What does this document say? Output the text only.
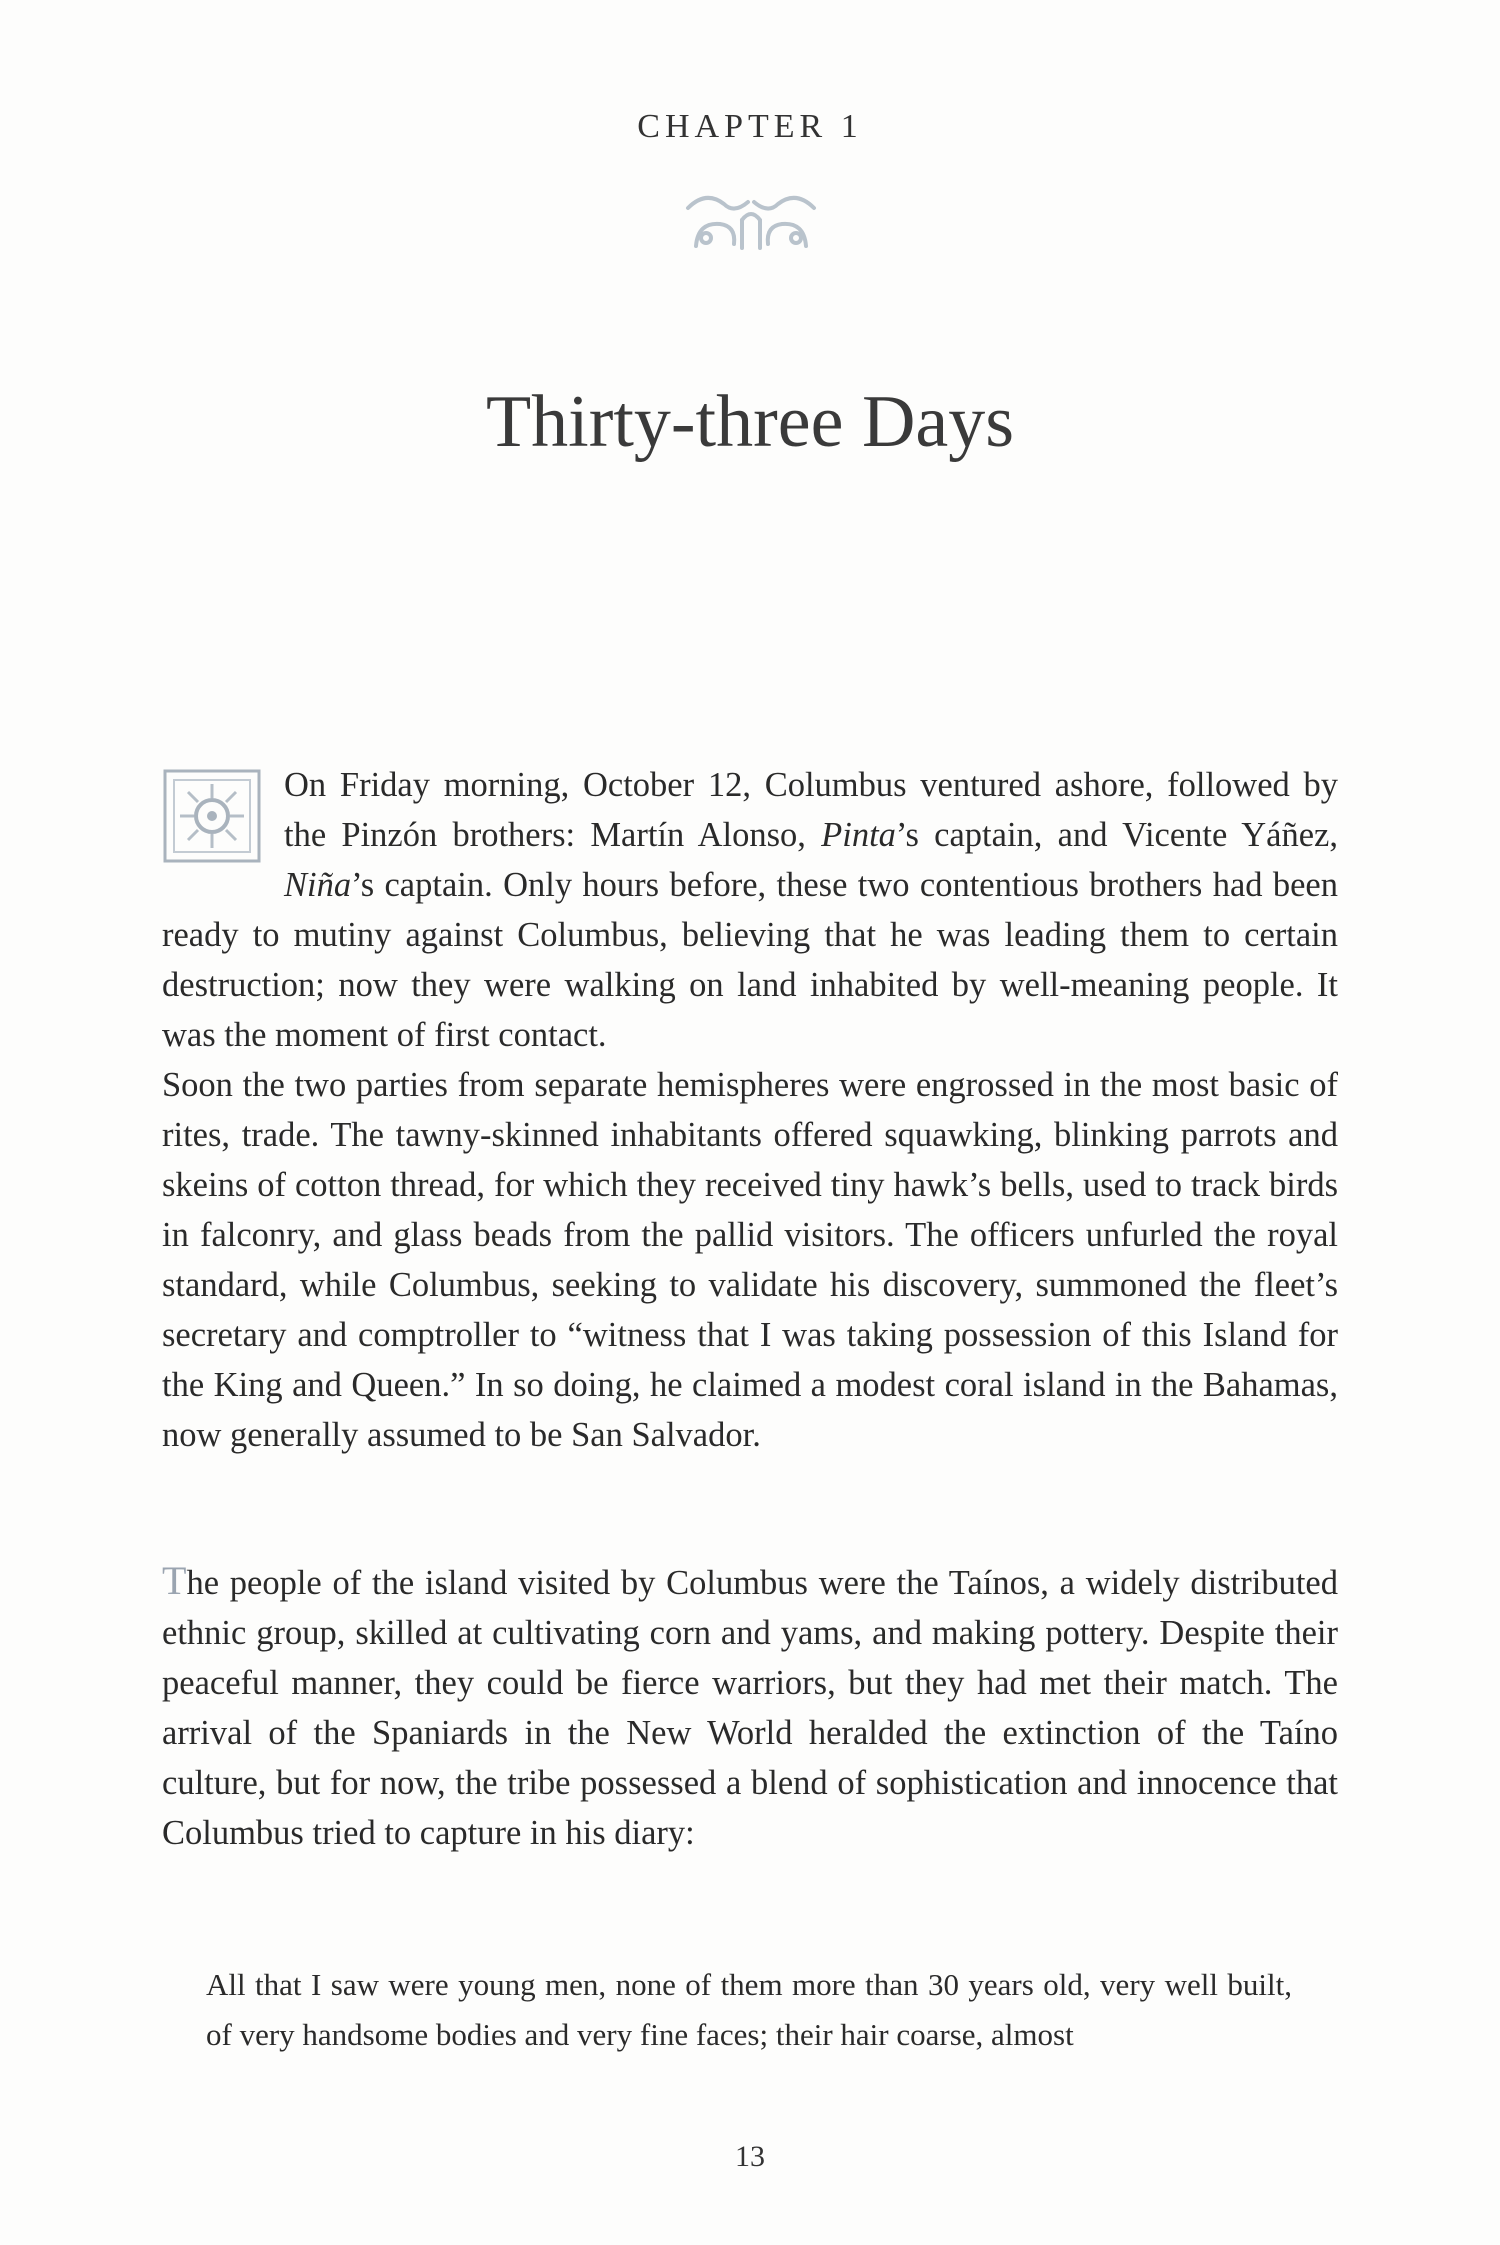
CHAPTER 1
Thirty-three Days

On Friday morning, October 12, Columbus ventured ashore, followed by the Pinzón brothers: Martín Alonso, Pinta’s captain, and Vicente Yáñez, Niña’s captain. Only hours before, these two contentious brothers had been ready to mutiny against Columbus, believing that he was leading them to certain destruction; now they were walking on land inhabited by well-meaning people. It was the moment of first contact.

Soon the two parties from separate hemispheres were engrossed in the most basic of rites, trade. The tawny-skinned inhabitants offered squawking, blinking parrots and skeins of cotton thread, for which they received tiny hawk’s bells, used to track birds in falconry, and glass beads from the pallid visitors. The officers unfurled the royal standard, while Columbus, seeking to validate his discovery, summoned the fleet’s secretary and comptroller to “witness that I was taking possession of this Island for the King and Queen.” In so doing, he claimed a modest coral island in the Bahamas, now generally assumed to be San Salvador.

The people of the island visited by Columbus were the Taínos, a widely distributed ethnic group, skilled at cultivating corn and yams, and making pottery. Despite their peaceful manner, they could be fierce warriors, but they had met their match. The arrival of the Spaniards in the New World heralded the extinction of the Taíno culture, but for now, the tribe possessed a blend of sophistication and innocence that Columbus tried to capture in his diary:

All that I saw were young men, none of them more than 30 years old, very well built, of very handsome bodies and very fine faces; their hair coarse, almost
13
